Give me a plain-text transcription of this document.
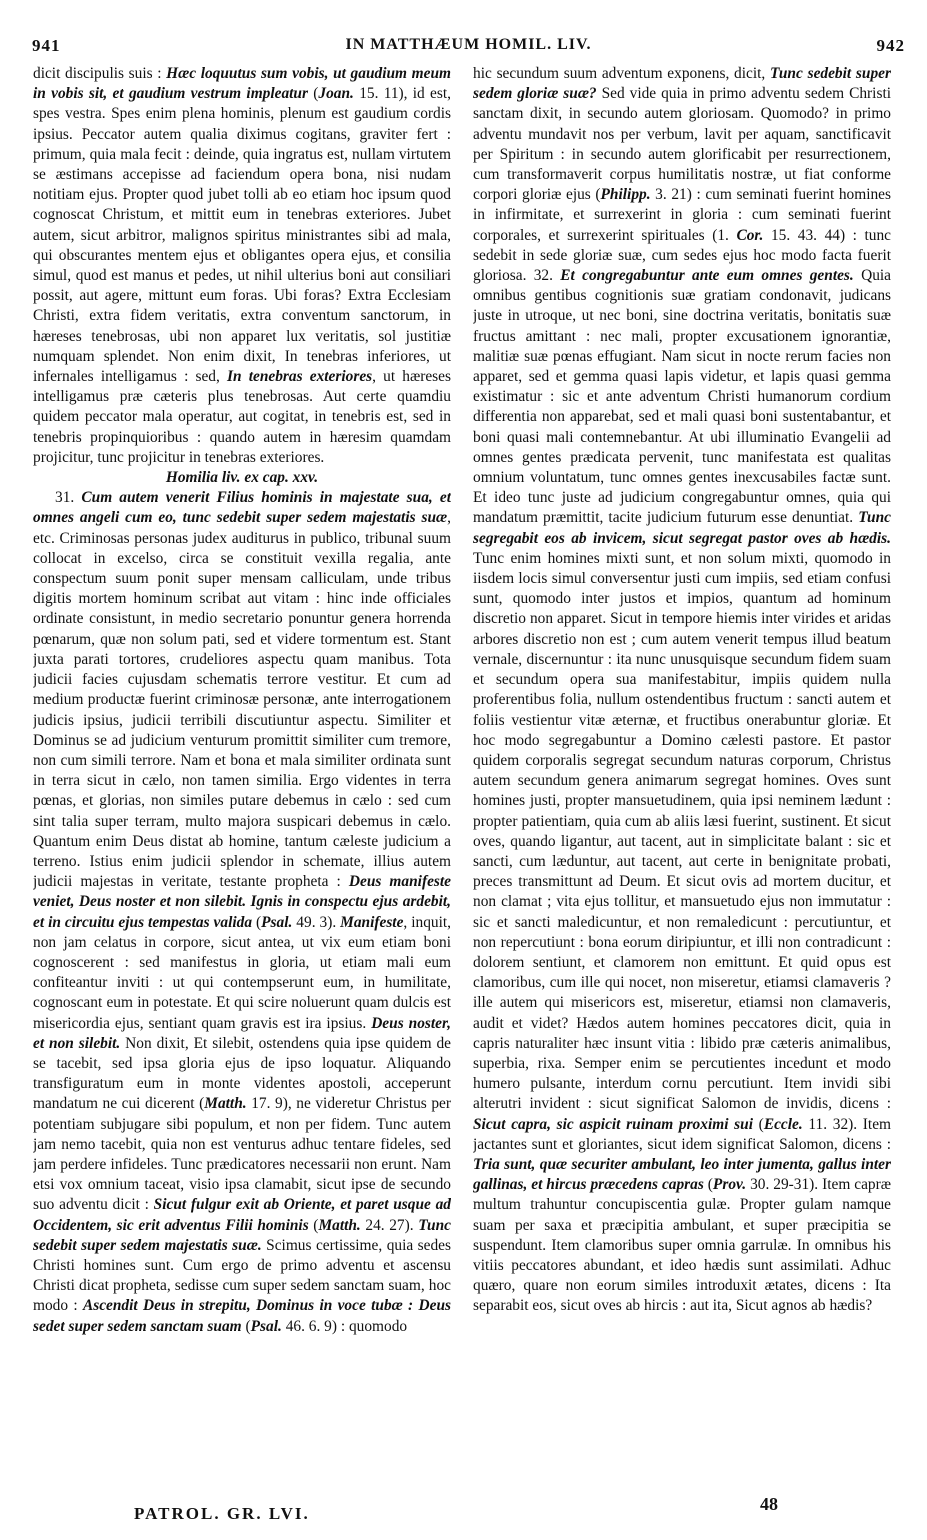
941	IN MATTHÆUM HOMIL. LIV.	942

dicit discipulis suis : Hæc loquutus sum vobis, ut gaudium meum in vobis sit, et gaudium vestrum impleatur (Joan. 15. 11), id est, spes vestra. Spes enim plena hominis, plenum est gaudium cordis ipsius. Peccator autem qualia diximus cogitans, graviter fert : primum, quia mala fecit : deinde, quia ingratus est, nullam virtutem se æstimans accepisse ad faciendum opera bona, nisi nudam notitiam ejus. Propter quod jubet tolli ab eo etiam hoc ipsum quod cognoscat Christum, et mittit eum in tenebras exteriores. Jubet autem, sicut arbitror, malignos spiritus ministrantes sibi ad mala, qui obscurantes mentem ejus et obligantes opera ejus, et consilia simul, quod est manus et pedes, ut nihil ulterius boni aut consiliari possit, aut agere, mittunt eum foras. Ubi foras? Extra Ecclesiam Christi, extra fidem veritatis, extra conventum sanctorum, in hæreses tenebrosas, ubi non apparet lux veritatis, sol justitiæ numquam splendet. Non enim dixit, In tenebras inferiores, ut infernales intelligamus : sed, In tenebras exteriores, ut hæreses intelligamus præ cæteris plus tenebrosas. Aut certe quamdiu quidem peccator mala operatur, aut cogitat, in tenebris est, sed in tenebris propinquioribus : quando autem in hæresim quamdam projicitur, tunc projicitur in tenebras exteriores.

Homilia liv. ex cap. xxv.

31. Cum autem venerit Filius hominis in majestate sua, et omnes angeli cum eo, tunc sedebit super sedem majestatis suæ, etc. Criminosas personas judex auditurus in publico, tribunal suum collocat in excelso, circa se constituit vexilla regalia, ante conspectum suum ponit super mensam calliculam, unde tribus digitis mortem hominum scribat aut vitam : hinc inde officiales ordinate consistunt, in medio secretario ponuntur genera horrenda pœnarum, quæ non solum pati, sed et videre tormentum est. Stant juxta parati tortores, crudeliores aspectu quam manibus. Tota judicii facies cujusdam schematis terrore vestitur. Et cum ad medium productæ fuerint criminosæ personæ, ante interrogationem judicis ipsius, judicii terribili discutiuntur aspectu. Similiter et Dominus se ad judicium venturum promittit similiter cum tremore, non cum simili terrore. Nam et bona et mala similiter ordinata sunt in terra sicut in cælo, non tamen similia. Ergo videntes in terra pœnas, et glorias, non similes putare debemus in cælo : sed cum sint talia super terram, multo majora suspicari debemus in cælo. Quantum enim Deus distat ab homine, tantum cæleste judicium a terreno. Istius enim judicii splendor in schemate, illius autem judicii majestas in veritate, testante propheta : Deus manifeste veniet, Deus noster et non silebit. Ignis in conspectu ejus ardebit, et in circuitu ejus tempestas valida (Psal. 49. 3). Manifeste, inquit, non jam celatus in corpore, sicut antea, ut vix eum etiam boni cognoscerent : sed manifestus in gloria, ut etiam mali eum confiteantur inviti : ut qui contempserunt eum, in humilitate, cognoscant eum in potestate. Et qui scire noluerunt quam dulcis est misericordia ejus, sentiant quam gravis est ira ipsius. Deus noster, et non silebit. Non dixit, Et silebit, ostendens quia ipse quidem de se tacebit, sed ipsa gloria ejus de ipso loquatur. Aliquando transfiguratum eum in monte videntes apostoli, acceperunt mandatum ne cui dicerent (Matth. 17. 9), ne videretur Christus per potentiam subjugare sibi populum, et non per fidem. Tunc autem jam nemo tacebit, quia non est venturus adhuc tentare fideles, sed jam perdere infideles. Tunc prædicatores necessarii non erunt. Nam etsi vox omnium taceat, visio ipsa clamabit, sicut ipse de secundo suo adventu dicit : Sicut fulgur exit ab Oriente, et paret usque ad Occidentem, sic erit adventus Filii hominis (Matth. 24. 27). Tunc sedebit super sedem majestatis suæ. Scimus certissime, quia sedes Christi homines sunt. Cum ergo de primo adventu et ascensu Christi dicat propheta, sedisse cum super sedem sanctam suam, hoc modo : Ascendit Deus in strepitu, Dominus in voce tubæ : Deus sedet super sedem sanctam suam (Psal. 46. 6. 9) : quomodo

hic secundum suum adventum exponens, dicit, Tunc sedebit super sedem gloriæ suæ? Sed vide quia in primo adventu sedem Christi sanctam dixit, in secundo autem gloriosam. Quomodo? in primo adventu mundavit nos per verbum, lavit per aquam, sanctificavit per Spiritum : in secundo autem glorificabit per resurrectionem, cum transformaverit corpus humilitatis nostræ, ut fiat conforme corpori gloriæ ejus (Philipp. 3. 21) : cum seminati fuerint homines in infirmitate, et surrexerint in gloria : cum seminati fuerint corporales, et surrexerint spirituales (1. Cor. 15. 43. 44) : tunc sedebit in sede gloriæ suæ, cum sedes ejus hoc modo facta fuerit gloriosa. 32. Et congregabuntur ante eum omnes gentes. Quia omnibus gentibus cognitionis suæ gratiam condonavit, judicans juste in utroque, ut nec boni, sine doctrina veritatis, bonitatis suæ fructus amittant : nec mali, propter excusationem ignorantiæ, malitiæ suæ pœnas effugiant. Nam sicut in nocte rerum facies non apparet, sed et gemma quasi lapis videtur, et lapis quasi gemma existimatur : sic et ante adventum Christi humanorum cordium differentia non apparebat, sed et mali quasi boni sustentabantur, et boni quasi mali contemnebantur. At ubi illuminatio Evangelii ad omnes gentes prædicata pervenit, tunc manifestata est qualitas omnium voluntatum, tunc omnes gentes inexcusabiles factæ sunt. Et ideo tunc juste ad judicium congregabuntur omnes, quia qui mandatum præmittit, tacite judicium futurum esse denuntiat. Tunc segregabit eos ab invicem, sicut segregat pastor oves ab hædis. Tunc enim homines mixti sunt, et non solum mixti, quomodo in iisdem locis simul conversentur justi cum impiis, sed etiam confusi sunt, quomodo inter justos et impios, quantum ad hominum discretio non apparet. Sicut in tempore hiemis inter virides et aridas arbores discretio non est ; cum autem venerit tempus illud beatum vernale, discernuntur : ita nunc unusquisque secundum fidem suam et secundum opera sua manifestabitur, impiis quidem nulla proferentibus folia, nullum ostendentibus fructum : sancti autem et foliis vestientur vitæ æternæ, et fructibus onerabuntur gloriæ. Et hoc modo segregabuntur a Domino cælesti pastore. Et pastor quidem corporalis segregat secundum naturas corporum, Christus autem secundum genera animarum segregat homines. Oves sunt homines justi, propter mansuetudinem, quia ipsi neminem lædunt : propter patientiam, quia cum ab aliis læsi fuerint, sustinent. Et sicut oves, quando ligantur, aut tacent, aut in simplicitate balant : sic et sancti, cum læduntur, aut tacent, aut certe in benignitate probati, preces transmittunt ad Deum. Et sicut ovis ad mortem ducitur, et non clamat ; vita ejus tollitur, et mansuetudo ejus non immutatur : sic et sancti maledicuntur, et non remaledicunt : percutiuntur, et non repercutiunt : bona eorum diripiuntur, et illi non contradicunt : dolorem sentiunt, et clamorem non emittunt. Et quid opus est clamoribus, cum ille qui nocet, non miseretur, etiamsi clamaveris ? ille autem qui misericors est, miseretur, etiamsi non clamaveris, audit et videt? Hædos autem homines peccatores dicit, quia in capris naturaliter hæc insunt vitia : libido præ cæteris animalibus, superbia, rixa. Semper enim se percutientes incedunt et modo humero pulsante, interdum cornu percutiunt. Item invidi sibi alterutri invident : sicut significat Salomon de invidis, dicens : Sicut capra, sic aspicit ruinam proximi sui (Eccle. 11. 32). Item jactantes sunt et gloriantes, sicut idem significat Salomon, dicens : Tria sunt, quæ securiter ambulant, leo inter jumenta, gallus inter gallinas, et hircus præcedens capras (Prov. 30. 29-31). Item capræ multum trahuntur concupiscentia gulæ. Propter gulam namque suam per saxa et præcipitia ambulant, et super præcipitia se suspendunt. Item clamoribus super omnia garrulæ. In omnibus his vitiis peccatores abundant, et ideo hædis sunt assimilati. Adhuc quæro, quare non eorum similes introduxit ætates, dicens : Ita separabit eos, sicut oves ab hircis : aut ita, Sicut agnos ab hædis?

PATROL. GR. LVI.	48
